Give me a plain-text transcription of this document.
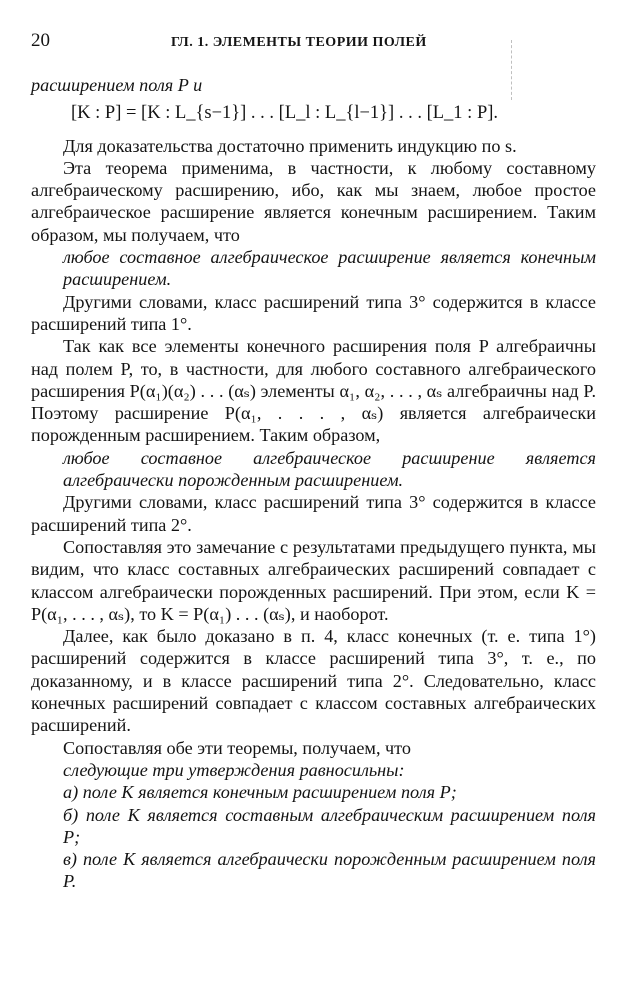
20	ГЛ. 1. ЭЛЕМЕНТЫ ТЕОРИИ ПОЛЕЙ

расширением поля P и

[K : P] = [K : L_{s−1}] . . . [L_l : L_{l−1}] . . . [L_1 : P].

Для доказательства достаточно применить индукцию по s.

Эта теорема применима, в частности, к любому составному алгебраическому расширению, ибо, как мы знаем, любое простое алгебраическое расширение является конечным расширением. Таким образом, мы получаем, что

любое составное алгебраическое расширение является конечным расширением.

Другими словами, класс расширений типа 3° содержится в классе расширений типа 1°.

Так как все элементы конечного расширения поля P алгебраичны над полем P, то, в частности, для любого составного алгебраического расширения P(α₁)(α₂) . . . (αₛ) элементы α₁, α₂, . . . , αₛ алгебраичны над P. Поэтому расширение P(α₁, . . . , αₛ) является алгебраически порожденным расширением. Таким образом,

любое составное алгебраическое расширение является алгебраически порожденным расширением.

Другими словами, класс расширений типа 3° содержится в классе расширений типа 2°.

Сопоставляя это замечание с результатами предыдущего пункта, мы видим, что класс составных алгебраических расширений совпадает с классом алгебраически порожденных расширений. При этом, если K = P(α₁, . . . , αₛ), то K = P(α₁) . . . (αₛ), и наоборот.

Далее, как было доказано в п. 4, класс конечных (т. е. типа 1°) расширений содержится в классе расширений типа 3°, т. е., по доказанному, и в классе расширений типа 2°. Следовательно, класс конечных расширений совпадает с классом составных алгебраических расширений.

Сопоставляя обе эти теоремы, получаем, что

следующие три утверждения равносильны:

а) поле K является конечным расширением поля P;

б) поле K является составным алгебраическим расширением поля P;

в) поле K является алгебраически порожденным расширением поля P.
